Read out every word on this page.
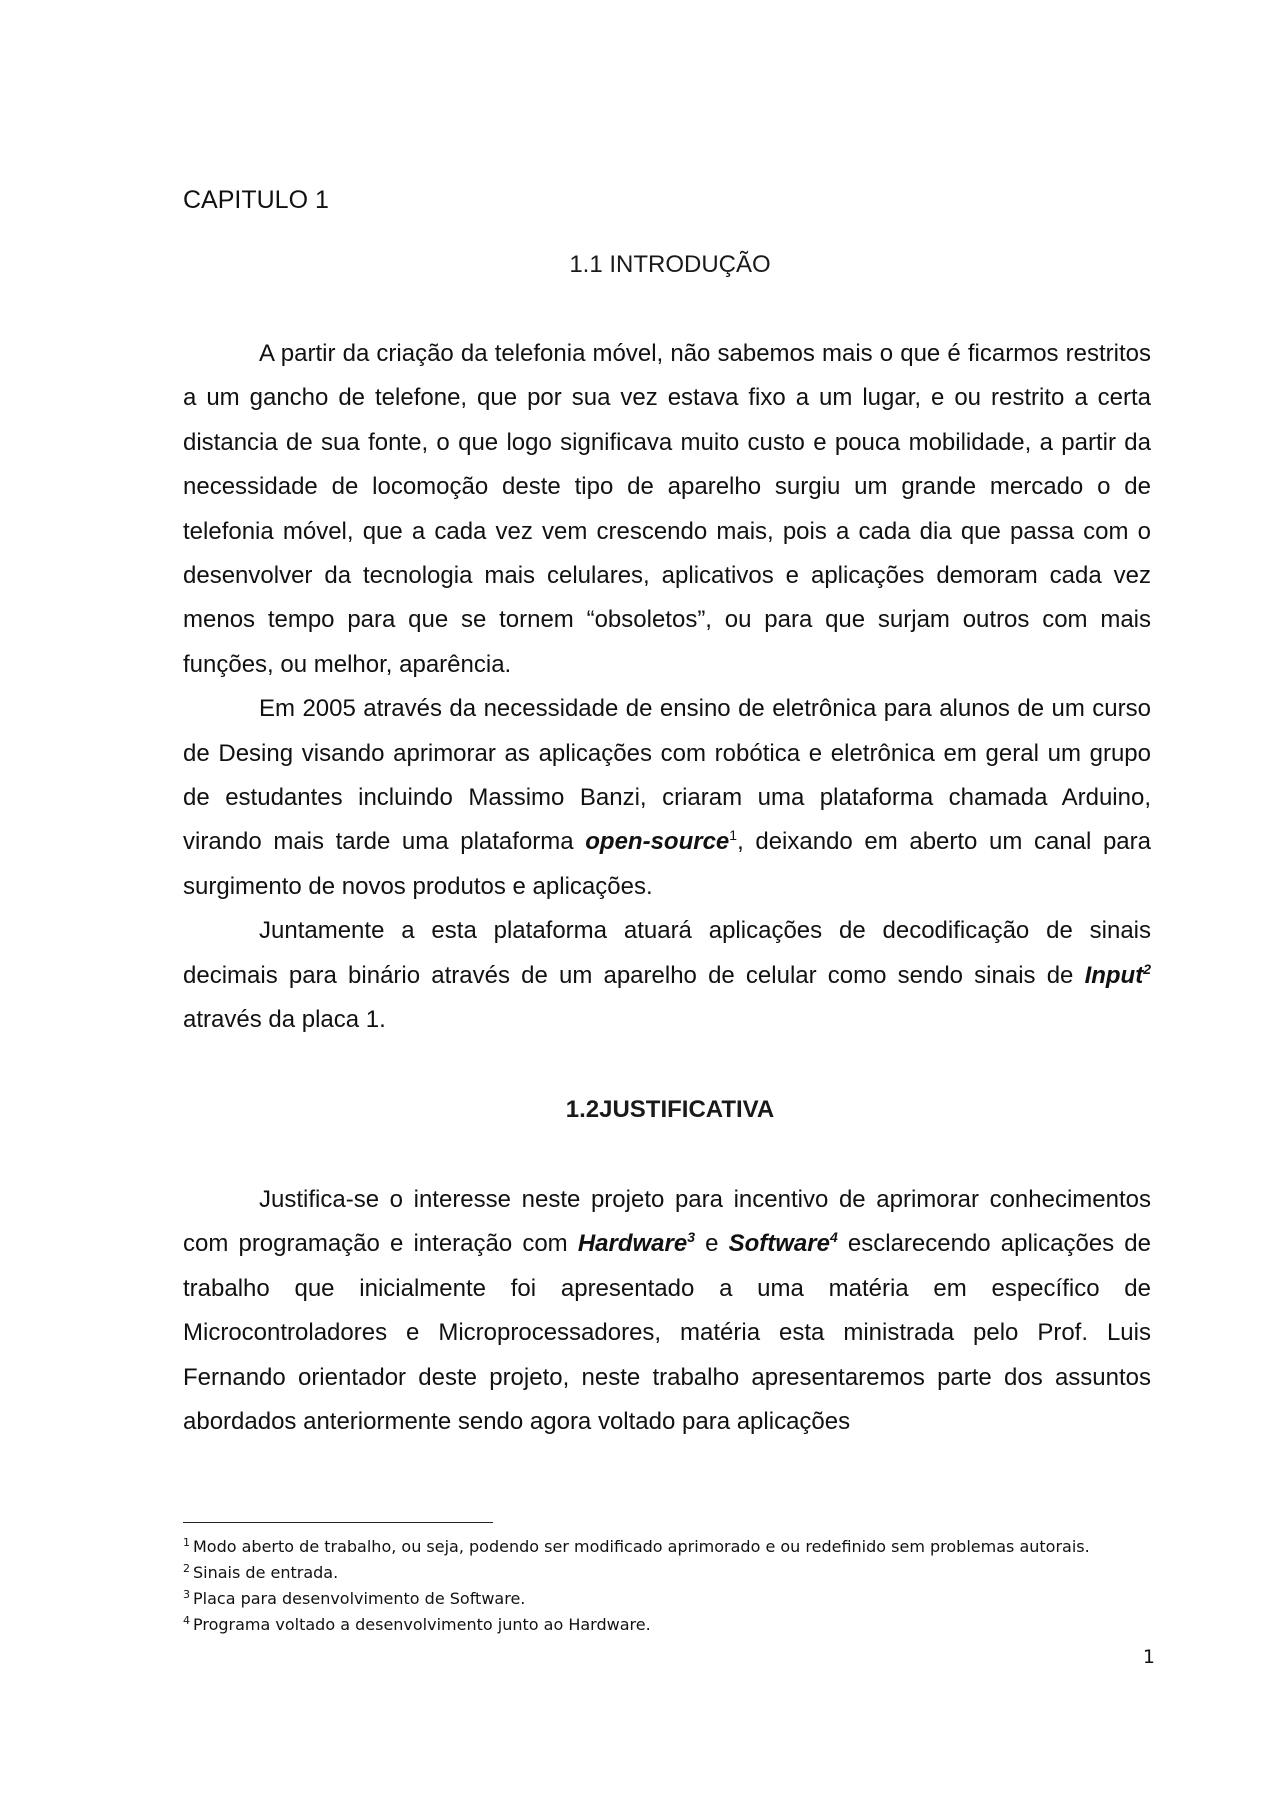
CAPITULO 1
1.1 INTRODUÇÃO

A partir da criação da telefonia móvel, não sabemos mais o que é ficarmos restritos a um gancho de telefone, que por sua vez estava fixo a um lugar, e ou restrito a certa distancia de sua fonte, o que logo significava muito custo e pouca mobilidade, a partir da necessidade de locomoção deste tipo de aparelho surgiu um grande mercado o de telefonia móvel, que a cada vez vem crescendo mais, pois a cada dia que passa com o desenvolver da tecnologia mais celulares, aplicativos e aplicações demoram cada vez menos tempo para que se tornem “obsoletos”, ou para que surjam outros com mais funções, ou melhor, aparência.

Em 2005 através da necessidade de ensino de eletrônica para alunos de um curso de Desing visando aprimorar as aplicações com robótica e eletrônica em geral um grupo de estudantes incluindo Massimo Banzi, criaram uma plataforma chamada Arduino, virando mais tarde uma plataforma open-source$^1$, deixando em aberto um canal para surgimento de novos produtos e aplicações.

Juntamente a esta plataforma atuará aplicações de decodificação de sinais decimais para binário através de um aparelho de celular como sendo sinais de Input$^2$ através da placa 1.

1.2JUSTIFICATIVA

Justifica-se o interesse neste projeto para incentivo de aprimorar conhecimentos com programação e interação com Hardware$^3$ e Software$^4$ esclarecendo aplicações de trabalho que inicialmente foi apresentado a uma matéria em específico de Microcontroladores e Microprocessadores, matéria esta ministrada pelo Prof. Luis Fernando orientador deste projeto, neste trabalho apresentaremos parte dos assuntos abordados anteriormente sendo agora voltado para aplicações

$^1$ Modo aberto de trabalho, ou seja, podendo ser modificado aprimorado e ou redefinido sem problemas autorais.
$^2$ Sinais de entrada.
$^3$ Placa para desenvolvimento de Software.
$^4$ Programa voltado a desenvolvimento junto ao Hardware.
1
